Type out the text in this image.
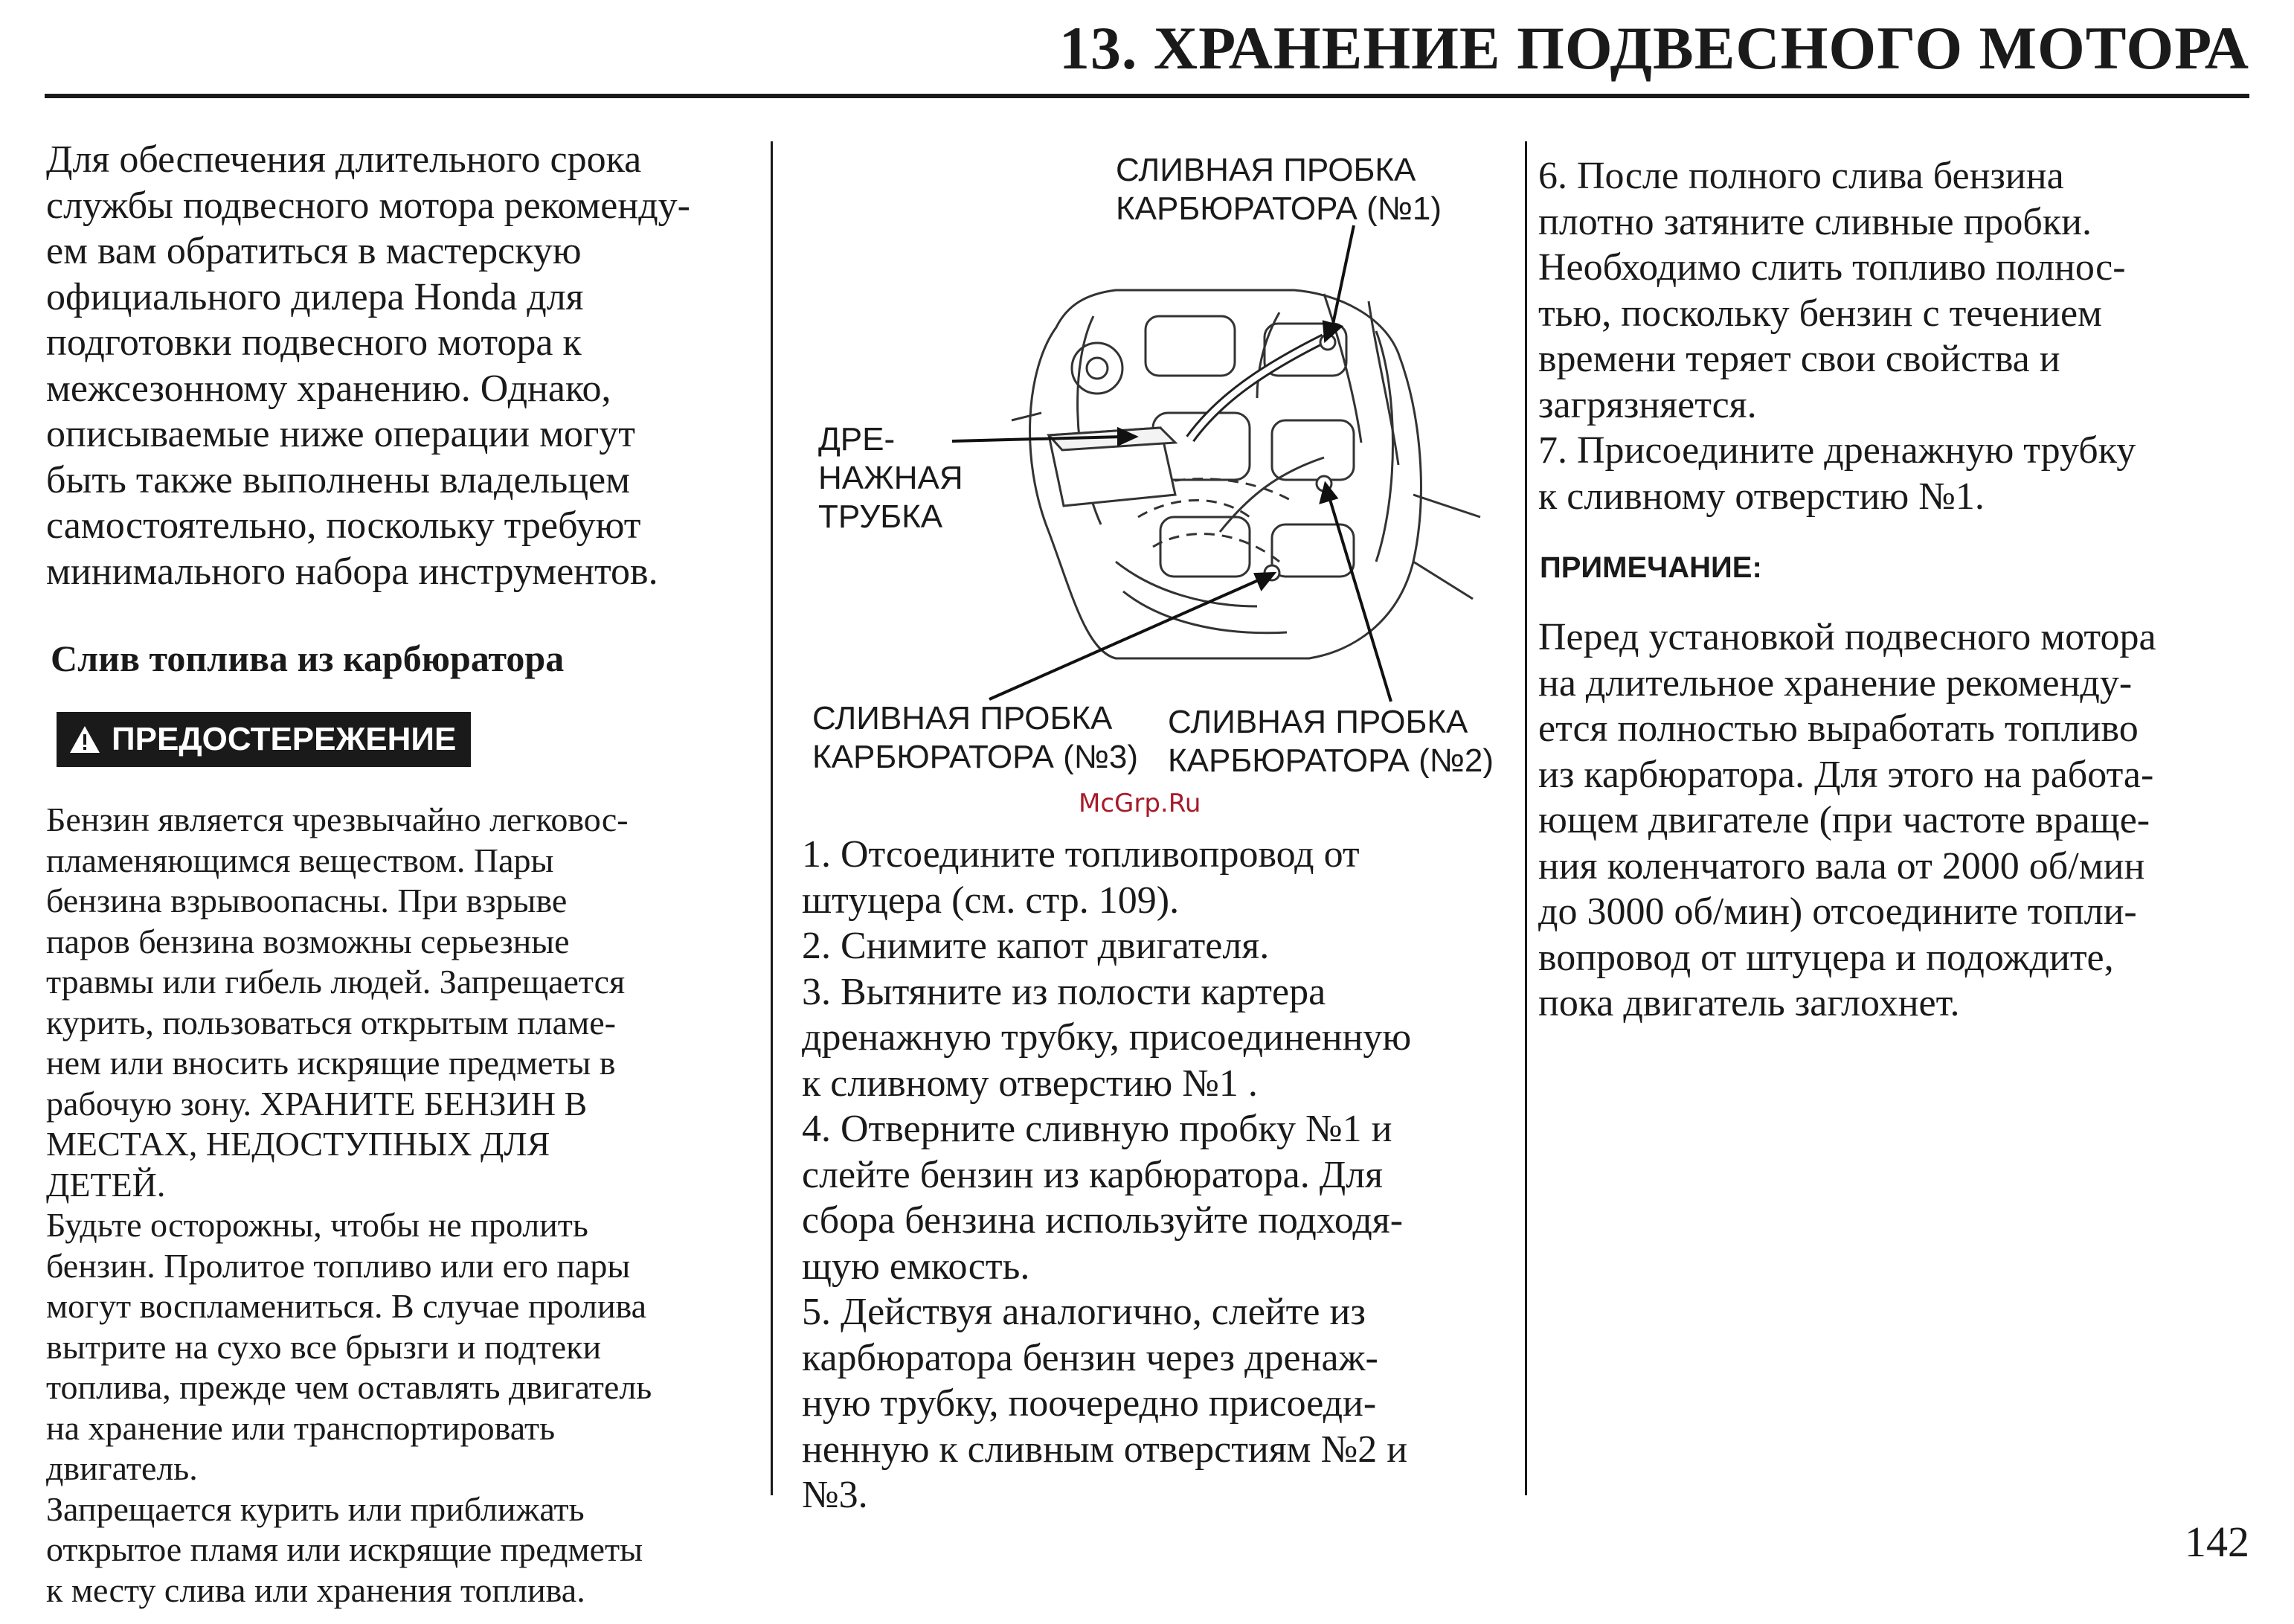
13. ХРАНЕНИЕ ПОДВЕСНОГО МОТОРА

Для обеспечения длительного срока
службы подвесного мотора рекоменду-
ем вам обратиться в мастерскую
официального дилера Honda для
подготовки подвесного мотора к
межсезонному хранению. Однако,
описываемые ниже операции могут
быть также выполнены владельцем
самостоятельно, поскольку требуют
минимального набора инструментов.

Слив топлива из карбюратора

ПРЕДОСТЕРЕЖЕНИЕ

Бензин является чрезвычайно легковос-
пламеняющимся веществом. Пары
бензина взрывоопасны. При взрыве
паров бензина возможны серьезные
травмы или гибель людей. Запрещается
курить, пользоваться открытым пламе-
нем или вносить искрящие предметы в
рабочую зону. ХРАНИТЕ БЕНЗИН В
МЕСТАХ, НЕДОСТУПНЫХ ДЛЯ
ДЕТЕЙ.
Будьте осторожны, чтобы не пролить
бензин. Пролитое топливо или его пары
могут воспламениться. В случае пролива
вытрите на сухо все брызги и подтеки
топлива, прежде чем оставлять двигатель
на хранение или транспортировать
двигатель.
Запрещается курить или приближать
открытое пламя или искрящие предметы
к месту слива или хранения топлива.

СЛИВНАЯ ПРОБКА
КАРБЮРАТОРА (№1)
ДРЕ-
НАЖНАЯ
ТРУБКА
СЛИВНАЯ ПРОБКА
КАРБЮРАТОРА (№3)
СЛИВНАЯ ПРОБКА
КАРБЮРАТОРА (№2)
McGrp.Ru

1. Отсоедините топливопровод от
штуцера (см. стр. 109).
2. Снимите капот двигателя.
3. Вытяните из полости картера
дренажную трубку, присоединенную
к сливному отверстию №1 .
4. Отверните сливную пробку №1 и
слейте бензин из карбюратора. Для
сбора бензина используйте подходя-
щую емкость.
5. Действуя аналогично, слейте из
карбюратора бензин через дренаж-
ную трубку, поочередно присоеди-
ненную к сливным отверстиям №2 и
№3.

6. После полного слива бензина
плотно затяните сливные пробки.
Необходимо слить топливо полнос-
тью, поскольку бензин с течением
времени теряет свои свойства и
загрязняется.
7. Присоедините дренажную трубку
к сливному отверстию №1.

ПРИМЕЧАНИЕ:

Перед установкой подвесного мотора
на длительное хранение рекоменду-
ется полностью выработать топливо
из карбюратора. Для этого на работа-
ющем двигателе (при частоте враще-
ния коленчатого вала от 2000 об/мин
до 3000 об/мин) отсоедините топли-
вопровод от штуцера и подождите,
пока двигатель заглохнет.

142
